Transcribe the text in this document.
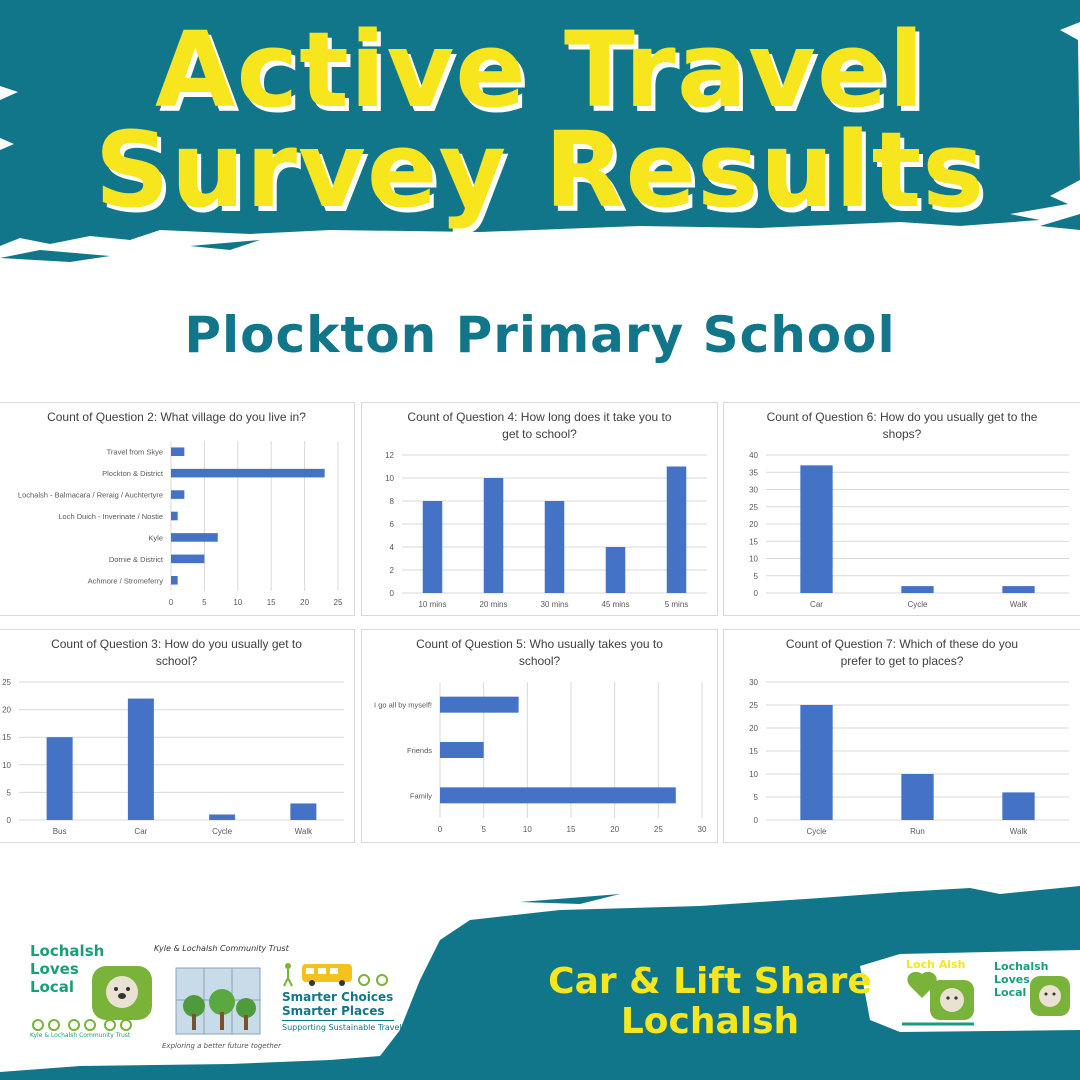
Active Travel
Survey Results
Plockton Primary School
Count of Question 2: What village do you live in?
0	5	10	15	20	25
Travel from Skye
Plockton & District
Lochalsh - Balmacara / Reraig / Auchtertyre
Loch Duich - Inverinate / Nostie
Kyle
Dornie & District
Achmore / Stromeferry
Count of Question 4: How long does it take you to get to school?
0
2
4
6
8
10
12
10 mins	20 mins	30 mins	45 mins	5 mins
Count of Question 6: How do you usually get to the shops?
0
5
10
15
20
25
30
35
40
Car	Cycle	Walk
Count of Question 3: How do you usually get to school?
0
5
10
15
20
25
Bus	Car	Cycle	Walk
Count of Question 5: Who usually takes you to school?
0	5	10	15	20	25	30
I go all by myself!
Friends
Family
Count of Question 7: Which of these do you prefer to get to places?
0
5
10
15
20
25
30
Cycle	Run	Walk
Lochalsh
Loves
Local
Kyle & Lochalsh Community Trust
Kyle & Lochalsh Community Trust
Exploring a better future together
Smarter Choices
Smarter Places
Supporting Sustainable Travel
Car & Lift Share
Lochalsh
Loch Alsh	Lochalsh
Loves
Local
